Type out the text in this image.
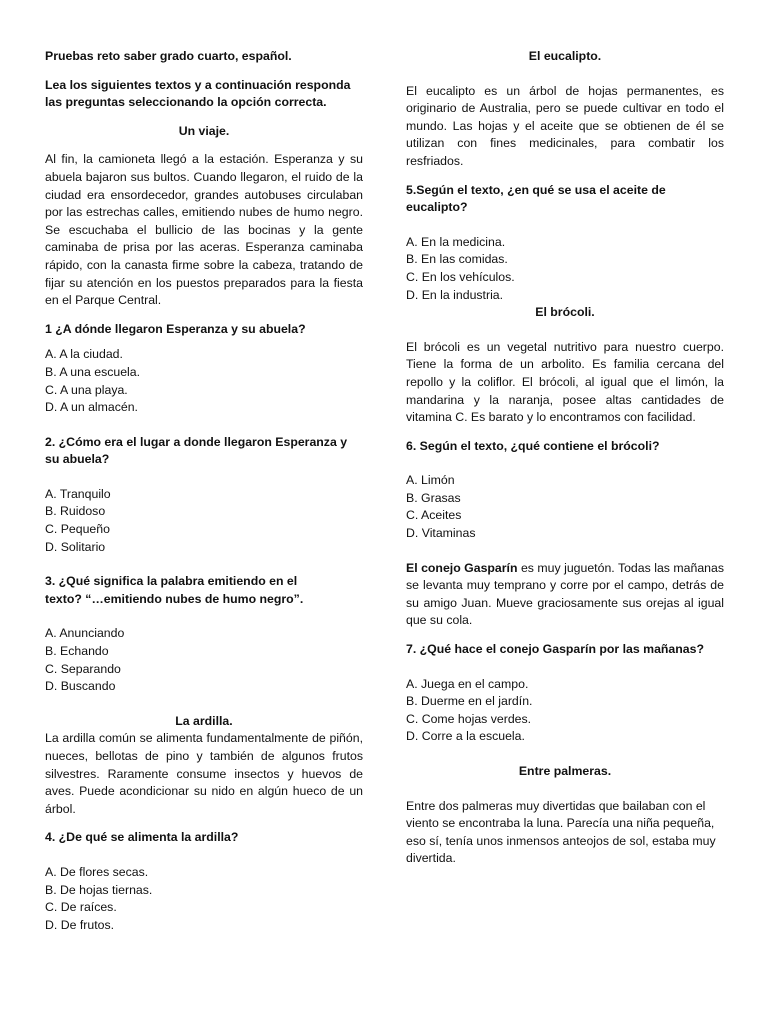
Pruebas reto saber grado cuarto, español.

Lea los siguientes textos y a continuación responda las preguntas seleccionando la opción correcta.

Un viaje.

Al fin, la camioneta llegó a la estación. Esperanza y su abuela bajaron sus bultos. Cuando llegaron, el ruido de la ciudad era ensordecedor, grandes autobuses circulaban por las estrechas calles, emitiendo nubes de humo negro. Se escuchaba el bullicio de las bocinas y la gente caminaba de prisa por las aceras. Esperanza caminaba rápido, con la canasta firme sobre la cabeza, tratando de fijar su atención en los puestos preparados para la fiesta en el Parque Central.

1 ¿A dónde llegaron Esperanza y su abuela?

A. A la ciudad.

B. A una escuela.

C. A una playa.

D. A un almacén.

2. ¿Cómo era el lugar a donde llegaron Esperanza y su abuela?

A. Tranquilo

B. Ruidoso

C. Pequeño

D. Solitario

3. ¿Qué significa la palabra emitiendo en el

texto? “…emitiendo nubes de humo negro”.

A. Anunciando

B. Echando

C. Separando

D. Buscando

La ardilla.

La ardilla común se alimenta fundamentalmente de piñón, nueces, bellotas de pino y también de algunos frutos silvestres. Raramente consume insectos y huevos de aves. Puede acondicionar su nido en algún hueco de un árbol.

4. ¿De qué se alimenta la ardilla?

A. De flores secas.

B. De hojas tiernas.

C. De raíces.

D. De frutos.

El eucalipto.

El eucalipto es un árbol de hojas permanentes, es originario de Australia, pero se puede cultivar en todo el mundo. Las hojas y el aceite que se obtienen de él se utilizan con fines medicinales, para combatir los resfriados.

5.Según el texto, ¿en qué se usa el aceite de eucalipto?

A. En la medicina.

B. En las comidas.

C. En los vehículos.

D. En la industria.

El brócoli.

El brócoli es un vegetal nutritivo para nuestro cuerpo. Tiene la forma de un arbolito. Es familia cercana del repollo y la coliflor. El brócoli, al igual que el limón, la mandarina y la naranja, posee altas cantidades de vitamina C. Es barato y lo encontramos con facilidad.

6. Según el texto, ¿qué contiene el brócoli?

A. Limón

B. Grasas

C. Aceites

D. Vitaminas

El conejo Gasparín es muy juguetón. Todas las mañanas se levanta muy temprano y corre por el campo, detrás de su amigo Juan. Mueve graciosamente sus orejas al igual que su cola.

7. ¿Qué hace el conejo Gasparín por las mañanas?

A. Juega en el campo.

B. Duerme en el jardín.

C. Come hojas verdes.

D. Corre a la escuela.

Entre palmeras.

Entre dos palmeras muy divertidas que bailaban con el viento se encontraba la luna. Parecía una niña pequeña, eso sí, tenía unos inmensos anteojos de sol, estaba muy divertida.
